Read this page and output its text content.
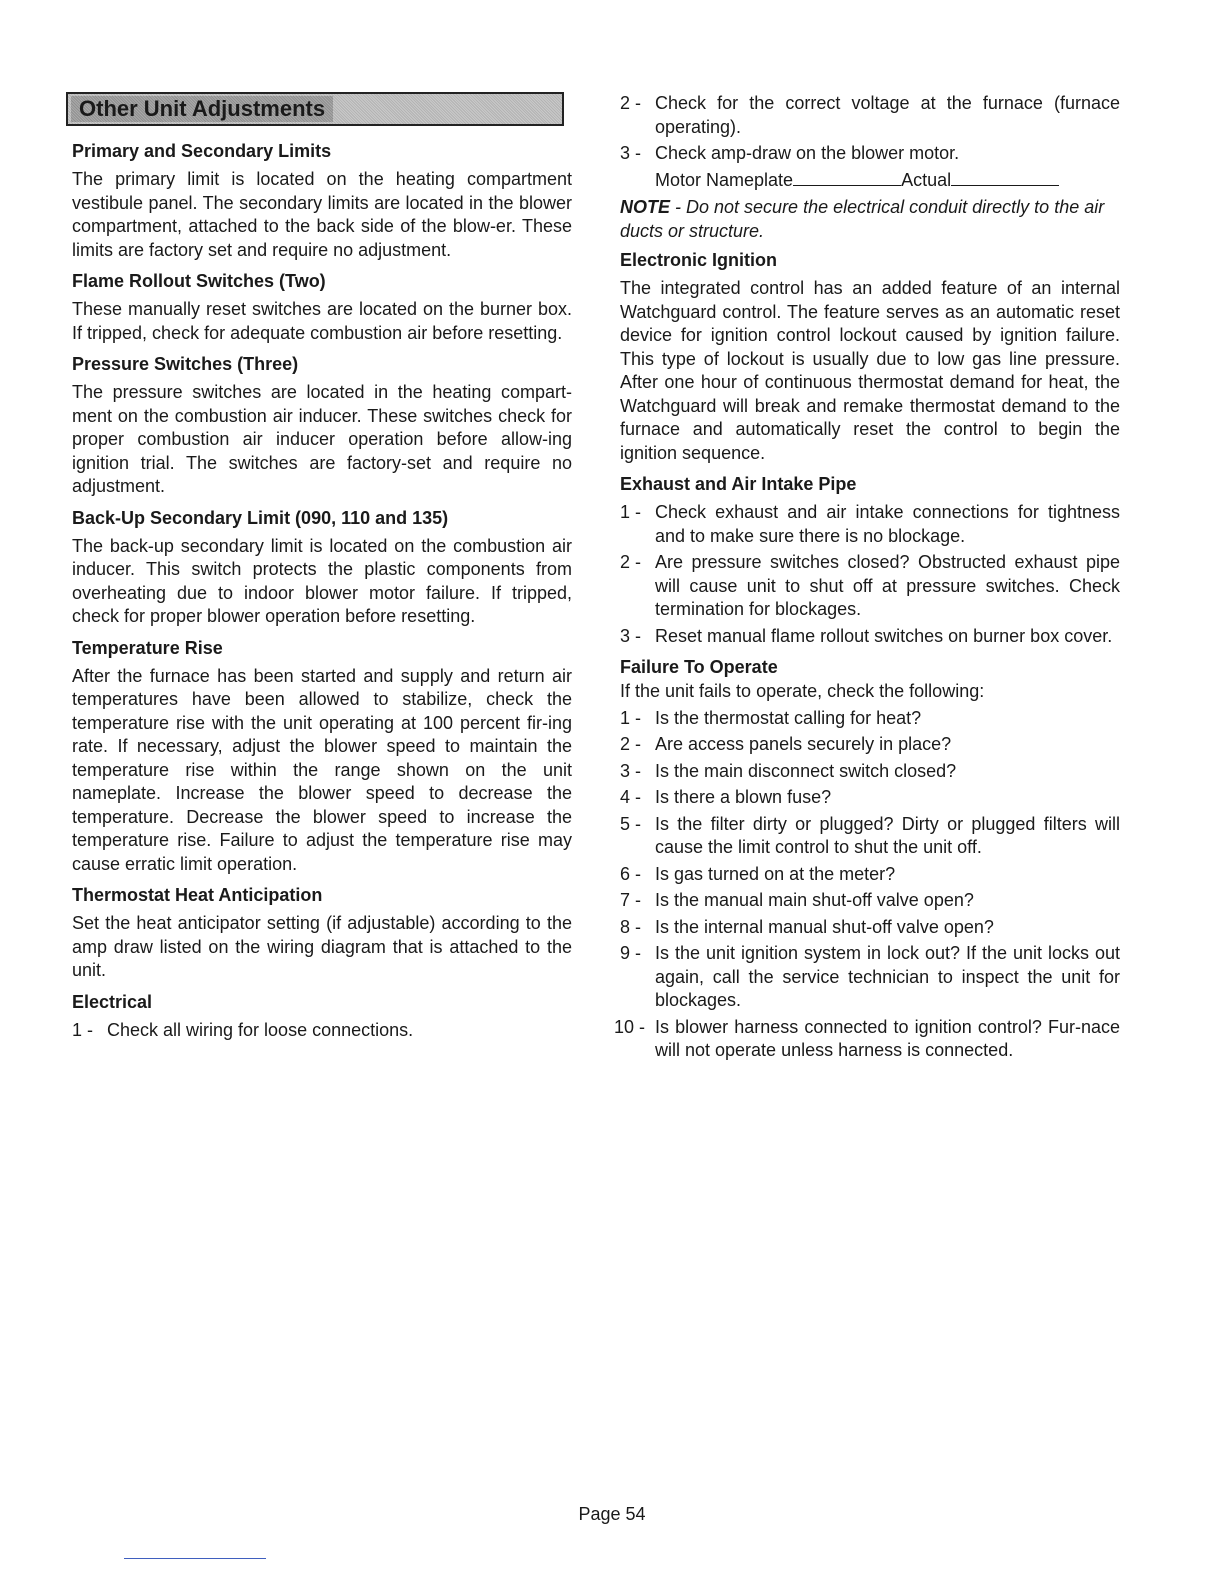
Other Unit Adjustments
Primary and Secondary Limits

The primary limit is located on the heating compartment vestibule panel. The secondary limits are located in the blower compartment, attached to the back side of the blow-er. These limits are factory set and require no adjustment.

Flame Rollout Switches (Two)

These manually reset switches are located on the burner box. If tripped, check for adequate combustion air before resetting.

Pressure Switches (Three)

The pressure switches are located in the heating compart-ment on the combustion air inducer. These switches check for proper combustion air inducer operation before allow-ing ignition trial. The switches are factory-set and require no adjustment.

Back-Up Secondary Limit (090, 110 and 135)

The back-up secondary limit is located on the combustion air inducer. This switch protects the plastic components from overheating due to indoor blower motor failure. If tripped, check for proper blower operation before resetting.

Temperature Rise

After the furnace has been started and supply and return air temperatures have been allowed to stabilize, check the temperature rise with the unit operating at 100 percent fir-ing rate. If necessary, adjust the blower speed to maintain the temperature rise within the range shown on the unit nameplate. Increase the blower speed to decrease the temperature. Decrease the blower speed to increase the temperature rise. Failure to adjust the temperature rise may cause erratic limit operation.

Thermostat Heat Anticipation

Set the heat anticipator setting (if adjustable) according to the amp draw listed on the wiring diagram that is attached to the unit.

Electrical
1 - Check all wiring for loose connections.
2 - Check for the correct voltage at the furnace (furnace operating).
3 - Check amp-draw on the blower motor.
Motor Nameplate	Actual
NOTE - Do not secure the electrical conduit directly to the air ducts or structure.
Electronic Ignition

The integrated control has an added feature of an internal Watchguard control. The feature serves as an automatic reset device for ignition control lockout caused by ignition failure. This type of lockout is usually due to low gas line pressure. After one hour of continuous thermostat demand for heat, the Watchguard will break and remake thermostat demand to the furnace and automatically reset the control to begin the ignition sequence.

Exhaust and Air Intake Pipe
1 - Check exhaust and air intake connections for tightness and to make sure there is no blockage.
2 - Are pressure switches closed? Obstructed exhaust pipe will cause unit to shut off at pressure switches. Check termination for blockages.
3 - Reset manual flame rollout switches on burner box cover.
Failure To Operate

If the unit fails to operate, check the following:

1 - Is the thermostat calling for heat?
2 - Are access panels securely in place?
3 - Is the main disconnect switch closed?
4 - Is there a blown fuse?
5 - Is the filter dirty or plugged? Dirty or plugged filters will cause the limit control to shut the unit off.
6 - Is gas turned on at the meter?
7 - Is the manual main shut-off valve open?
8 - Is the internal manual shut-off valve open?
9 - Is the unit ignition system in lock out? If the unit locks out again, call the service technician to inspect the unit for blockages.
10 - Is blower harness connected to ignition control? Fur-nace will not operate unless harness is connected.
Page 54
